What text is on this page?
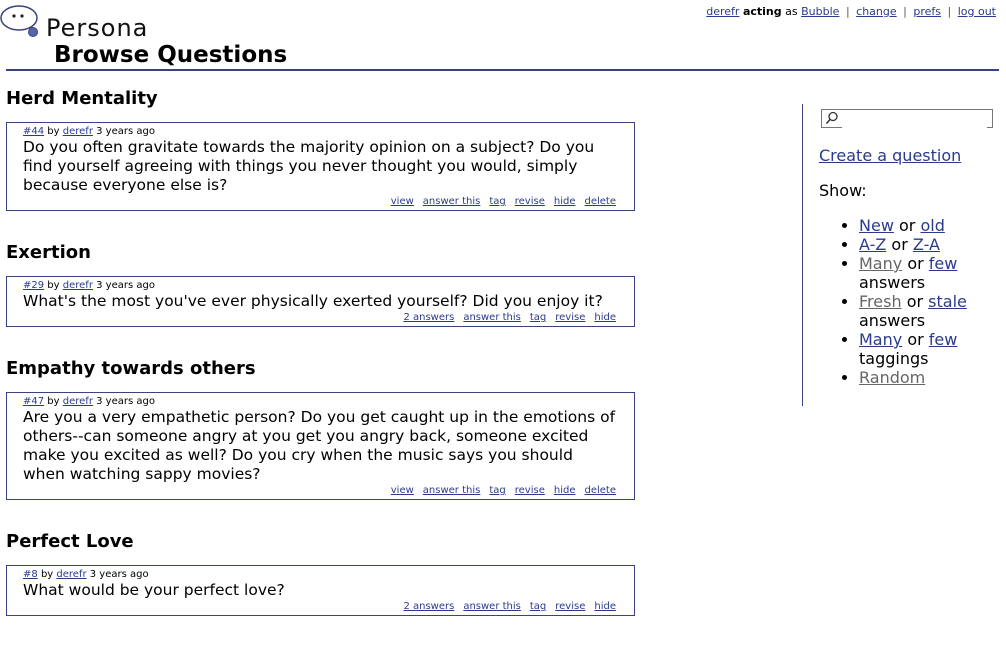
Persona
Browse Questions
derefr acting as Bubble | change | prefs | log out
Herd Mentality
#44 by derefr 3 years ago
Do you often gravitate towards the majority opinion on a subject? Do you find yourself agreeing with things you never thought you would, simply because everyone else is?
view answer this tag revise hide delete
Exertion
#29 by derefr 3 years ago
What's the most you've ever physically exerted yourself? Did you enjoy it?
2 answers answer this tag revise hide
Empathy towards others
#47 by derefr 3 years ago
Are you a very empathetic person? Do you get caught up in the emotions of others--can someone angry at you get you angry back, someone excited make you excited as well? Do you cry when the music says you should when watching sappy movies?
view answer this tag revise hide delete
Perfect Love
#8 by derefr 3 years ago
What would be your perfect love?
2 answers answer this tag revise hide
Create a question
Show:
• New or old
• A-Z or Z-A
• Many or few answers
• Fresh or stale answers
• Many or few taggings
• Random
